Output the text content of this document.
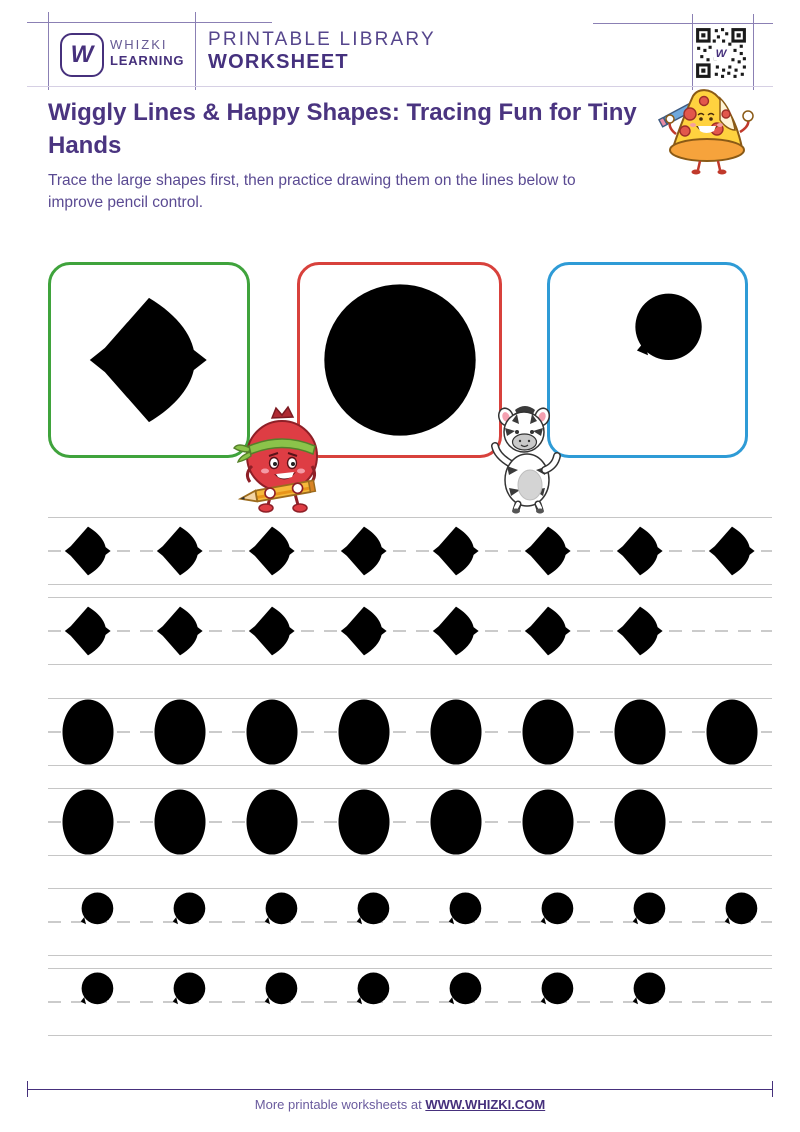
W WHIZKI
LEARNING
PRINTABLE LIBRARY
WORKSHEET	W
Wiggly Lines & Happy Shapes: Tracing Fun for Tiny Hands
Trace the large shapes first, then practice drawing them on the lines below to improve pencil control.
More printable worksheets at WWW.WHIZKI.COM
